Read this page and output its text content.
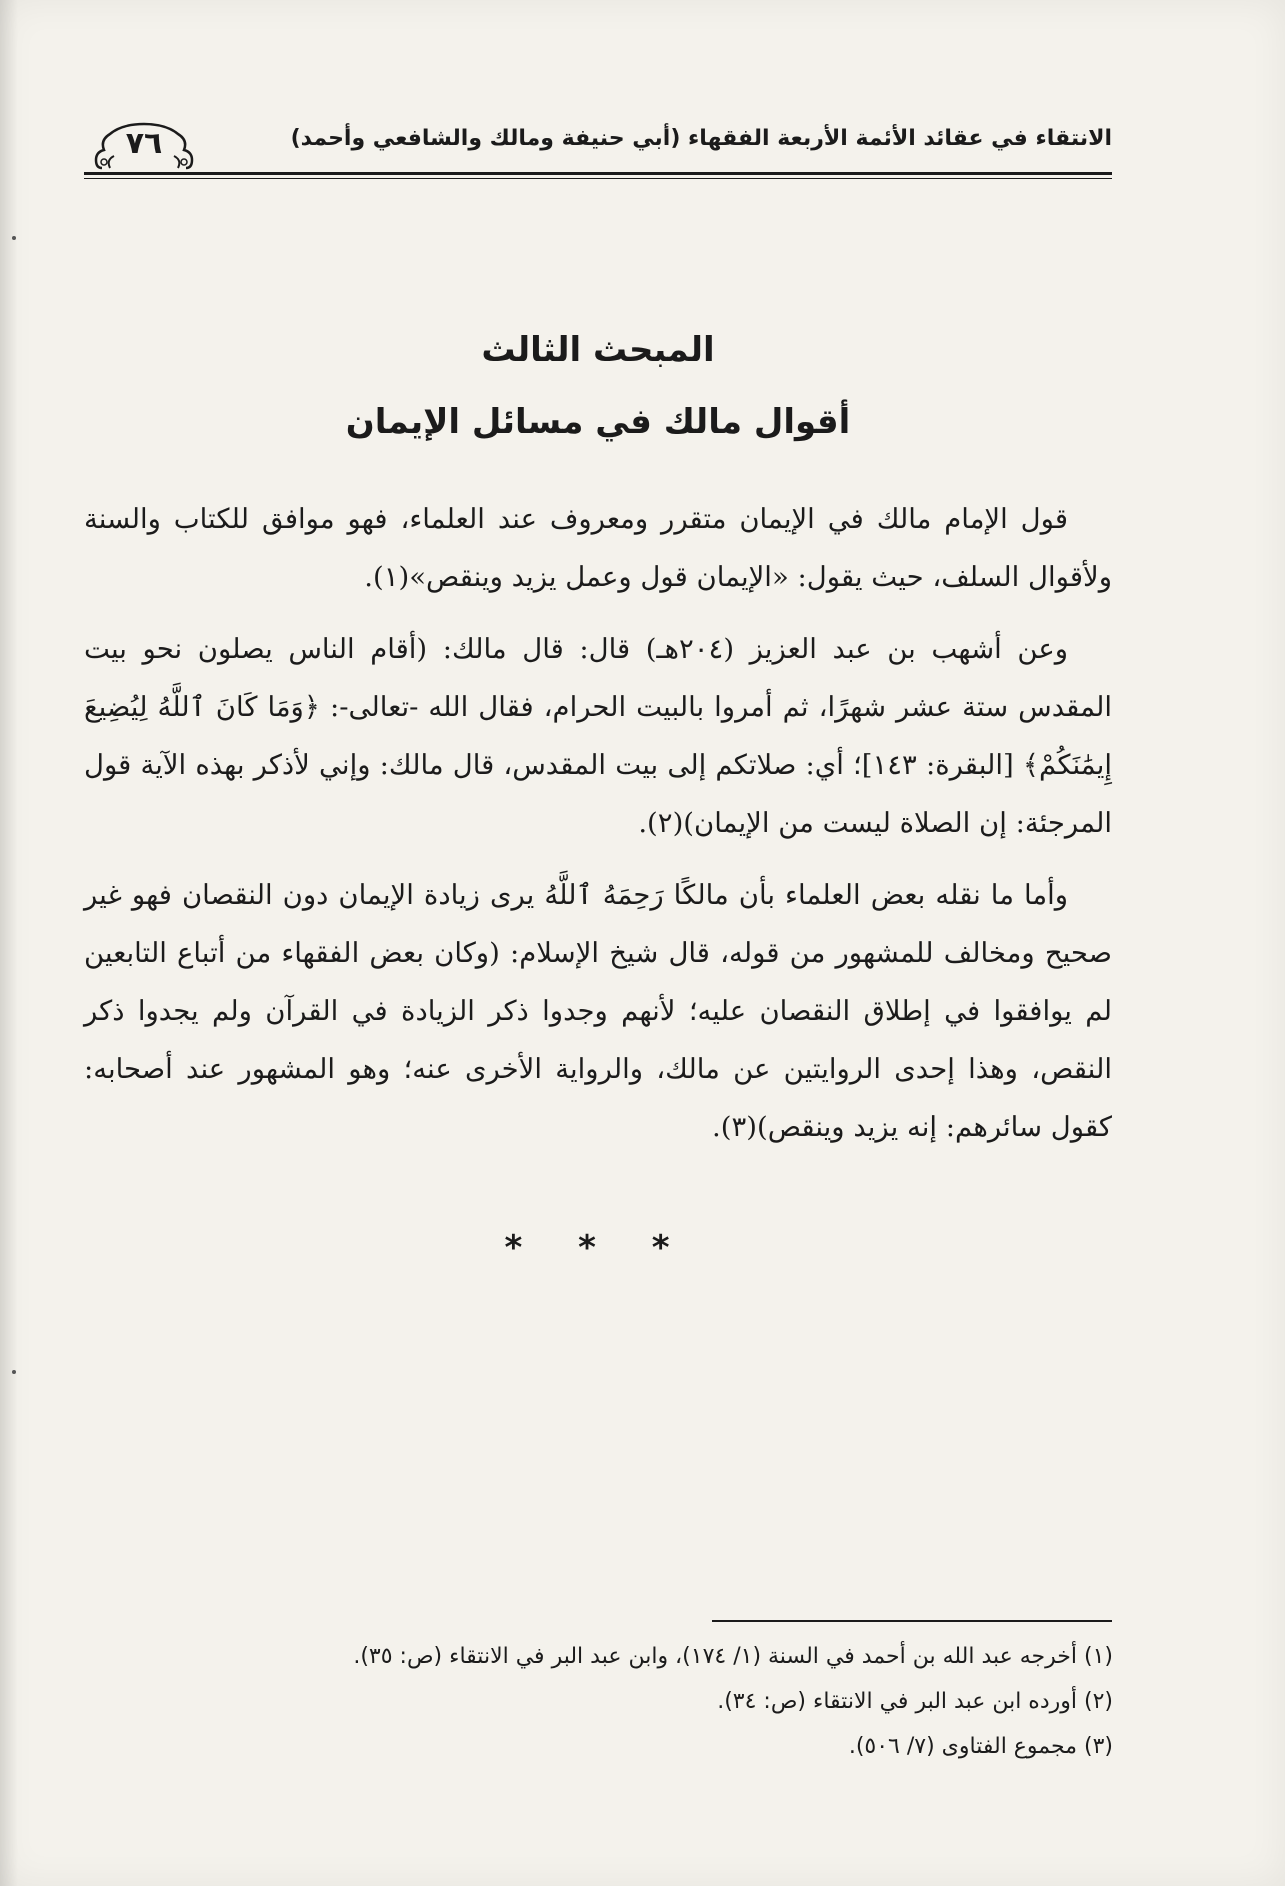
الانتقاء في عقائد الأئمة الأربعة الفقهاء (أبي حنيفة ومالك والشافعي وأحمد)
٧٦
المبحث الثالث
أقوال مالك في مسائل الإيمان

قول الإمام مالك في الإيمان متقرر ومعروف عند العلماء، فهو موافق للكتاب والسنة ولأقوال السلف، حيث يقول: «الإيمان قول وعمل يزيد وينقص»(١).

وعن أشهب بن عبد العزيز (٢٠٤هـ) قال: قال مالك: (أقام الناس يصلون نحو بيت المقدس ستة عشر شهرًا، ثم أمروا بالبيت الحرام، فقال الله -تعالى-: ﴿وَمَا كَانَ ٱللَّهُ لِيُضِيعَ إِيمَٰنَكُمْ﴾ [البقرة: ١٤٣]؛ أي: صلاتكم إلى بيت المقدس، قال مالك: وإني لأذكر بهذه الآية قول المرجئة: إن الصلاة ليست من الإيمان)(٢).

وأما ما نقله بعض العلماء بأن مالكًا رَحِمَهُ ٱللَّهُ يرى زيادة الإيمان دون النقصان فهو غير صحيح ومخالف للمشهور من قوله، قال شيخ الإسلام: (وكان بعض الفقهاء من أتباع التابعين لم يوافقوا في إطلاق النقصان عليه؛ لأنهم وجدوا ذكر الزيادة في القرآن ولم يجدوا ذكر النقص، وهذا إحدى الروايتين عن مالك، والرواية الأخرى عنه؛ وهو المشهور عند أصحابه: كقول سائرهم: إنه يزيد وينقص)(٣).

* * *
(١) أخرجه عبد الله بن أحمد في السنة (١/ ١٧٤)، وابن عبد البر في الانتقاء (ص: ٣٥).
(٢) أورده ابن عبد البر في الانتقاء (ص: ٣٤).
(٣) مجموع الفتاوى (٧/ ٥٠٦).
